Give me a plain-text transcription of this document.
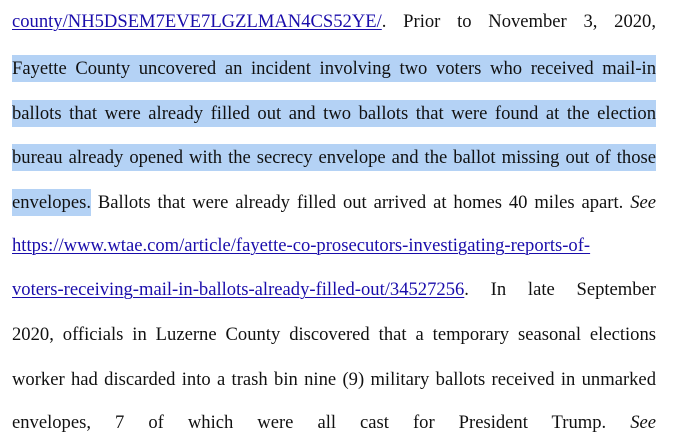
county/NH5DSEM7EVE7LGZLMAN4CS52YE/. Prior to November 3, 2020,
Fayette County uncovered an incident involving two voters who received mail-in
ballots that were already filled out and two ballots that were found at the election
bureau already opened with the secrecy envelope and the ballot missing out of those
envelopes. Ballots that were already filled out arrived at homes 40 miles apart. See
https://www.wtae.com/article/fayette-co-prosecutors-investigating-reports-of-
voters-receiving-mail-in-ballots-already-filled-out/34527256. In late September
2020, officials in Luzerne County discovered that a temporary seasonal elections
worker had discarded into a trash bin nine (9) military ballots received in unmarked
envelopes, 7 of which were all cast for President Trump. See
